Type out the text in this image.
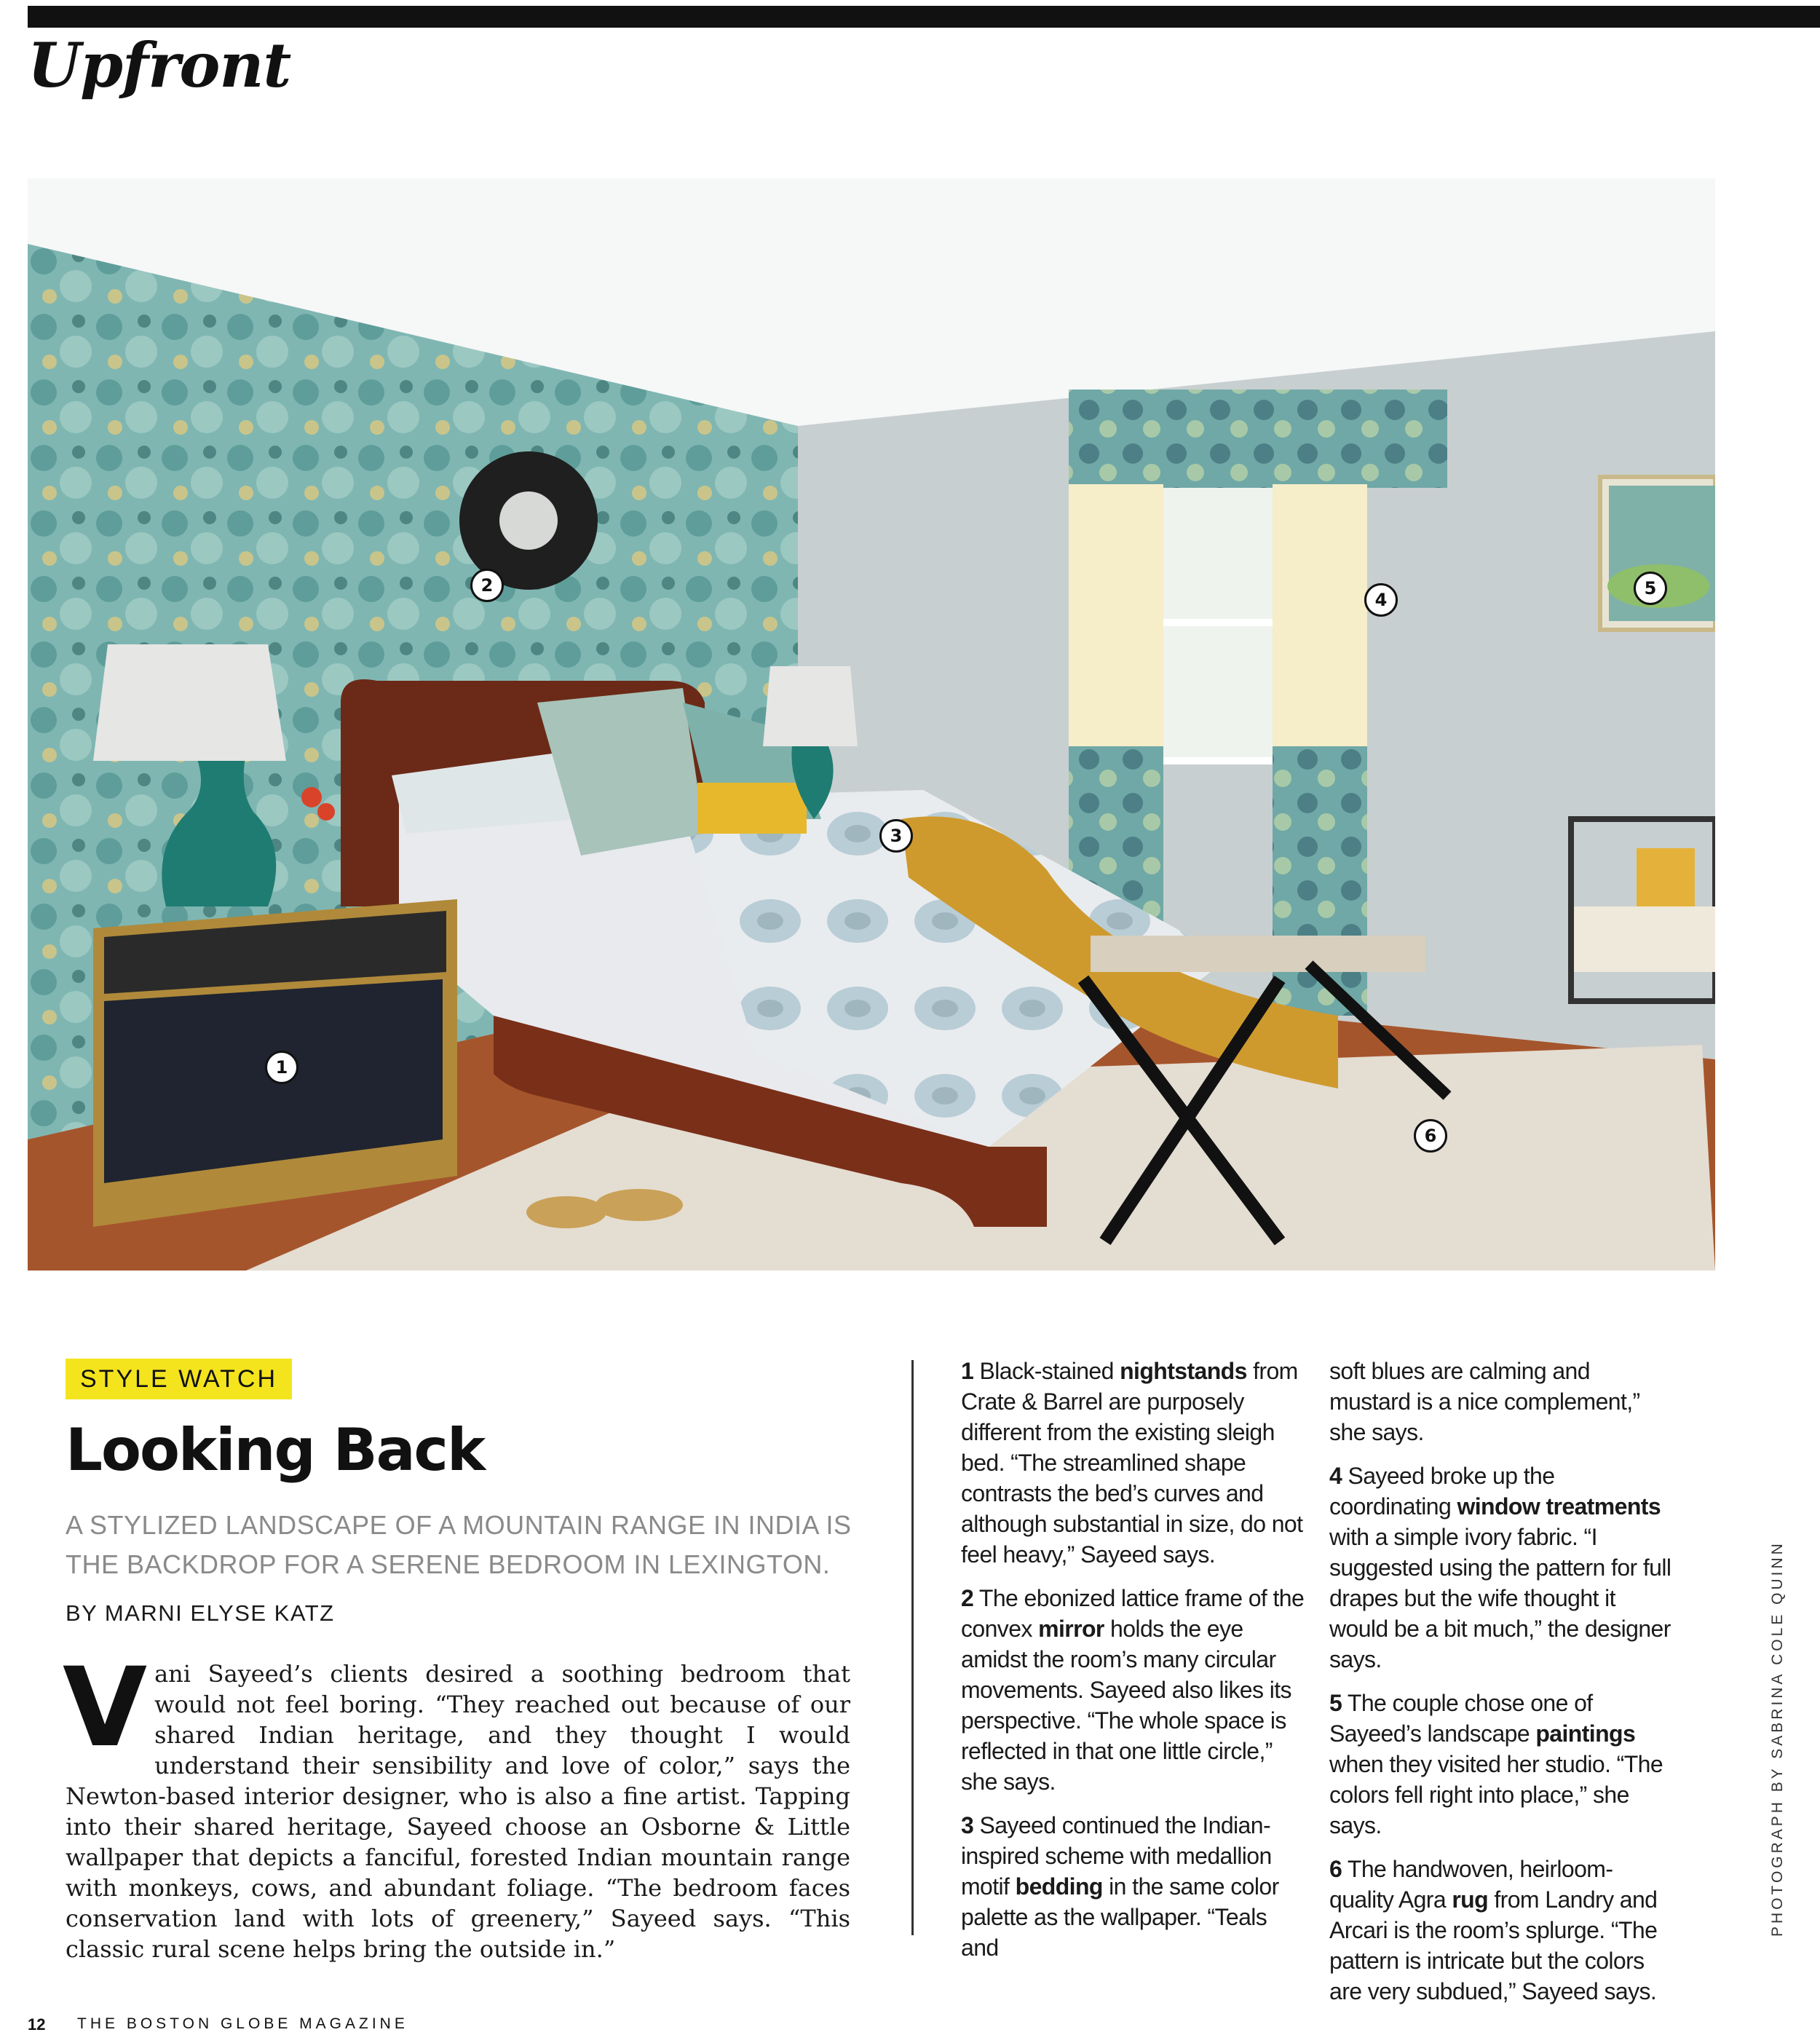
Upfront
1
2
3
4
5
6
STYLE WATCH
Looking Back

A STYLIZED LANDSCAPE OF A MOUNTAIN RANGE IN INDIA IS THE BACKDROP FOR A SERENE BEDROOM IN LEXINGTON.

BY MARNI ELYSE KATZ

Vani Sayeed’s clients desired a soothing bedroom that would not feel boring. “They reached out because of our shared Indian heritage, and they thought I would understand their sensibility and love of color,” says the Newton-based interior designer, who is also a fine artist. Tapping into their shared heritage, Sayeed choose an Osborne & Little wallpaper that depicts a fanciful, forested Indian mountain range with monkeys, cows, and abundant foliage. “The bedroom faces conservation land with lots of greenery,” Sayeed says. “This classic rural scene helps bring the outside in.”

1 Black-stained nightstands from Crate & Barrel are purposely different from the existing sleigh bed. “The streamlined shape contrasts the bed’s curves and although substantial in size, do not feel heavy,” Sayeed says.

2 The ebonized lattice frame of the convex mirror holds the eye amidst the room’s many circular movements. Sayeed also likes its perspective. “The whole space is reflected in that one little circle,” she says.

3 Sayeed continued the Indian-inspired scheme with medallion motif bedding in the same color palette as the wallpaper. “Teals and

soft blues are calming and mustard is a nice complement,” she says.

4 Sayeed broke up the coordinating window treatments with a simple ivory fabric. “I suggested using the pattern for full drapes but the wife thought it would be a bit much,” the designer says.

5 The couple chose one of Sayeed’s landscape paintings when they visited her studio. “The colors fell right into place,” she says.

6 The handwoven, heirloom-quality Agra rug from Landry and Arcari is the room’s splurge. “The pattern is intricate but the colors are very subdued,” Sayeed says.

PHOTOGRAPH BY SABRINA COLE QUINN
12 THE BOSTON GLOBE MAGAZINE
